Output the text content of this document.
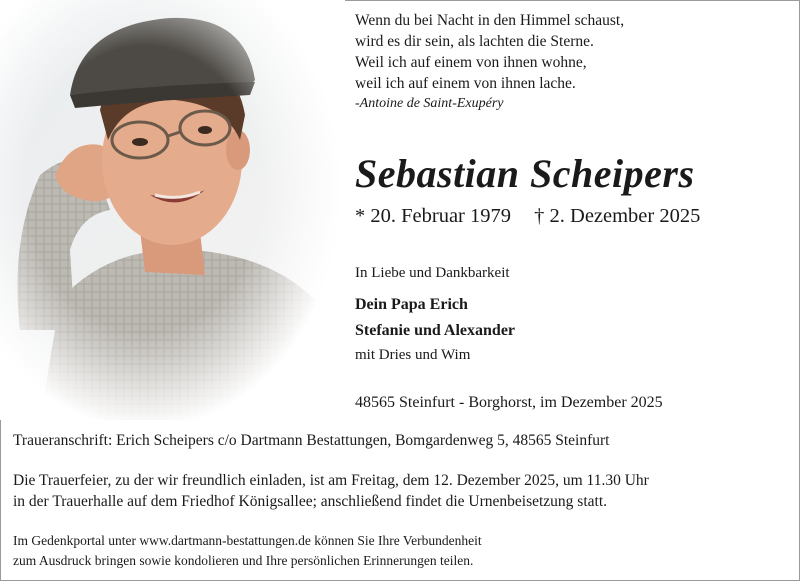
Wenn du bei Nacht in den Himmel schaust,
wird es dir sein, als lachten die Sterne.
Weil ich auf einem von ihnen wohne,
weil ich auf einem von ihnen lache.
-Antoine de Saint-Exupéry
Sebastian Scheipers
* 20. Februar 1979 † 2. Dezember 2025
In Liebe und Dankbarkeit
Dein Papa Erich
Stefanie und Alexander
mit Dries und Wim
48565 Steinfurt - Borghorst, im Dezember 2025
Traueranschrift: Erich Scheipers c/o Dartmann Bestattungen, Bomgardenweg 5, 48565 Steinfurt
Die Trauerfeier, zu der wir freundlich einladen, ist am Freitag, dem 12. Dezember 2025, um 11.30 Uhr
in der Trauerhalle auf dem Friedhof Königsallee; anschließend findet die Urnenbeisetzung statt.
Im Gedenkportal unter www.dartmann-bestattungen.de können Sie Ihre Verbundenheit
zum Ausdruck bringen sowie kondolieren und Ihre persönlichen Erinnerungen teilen.
